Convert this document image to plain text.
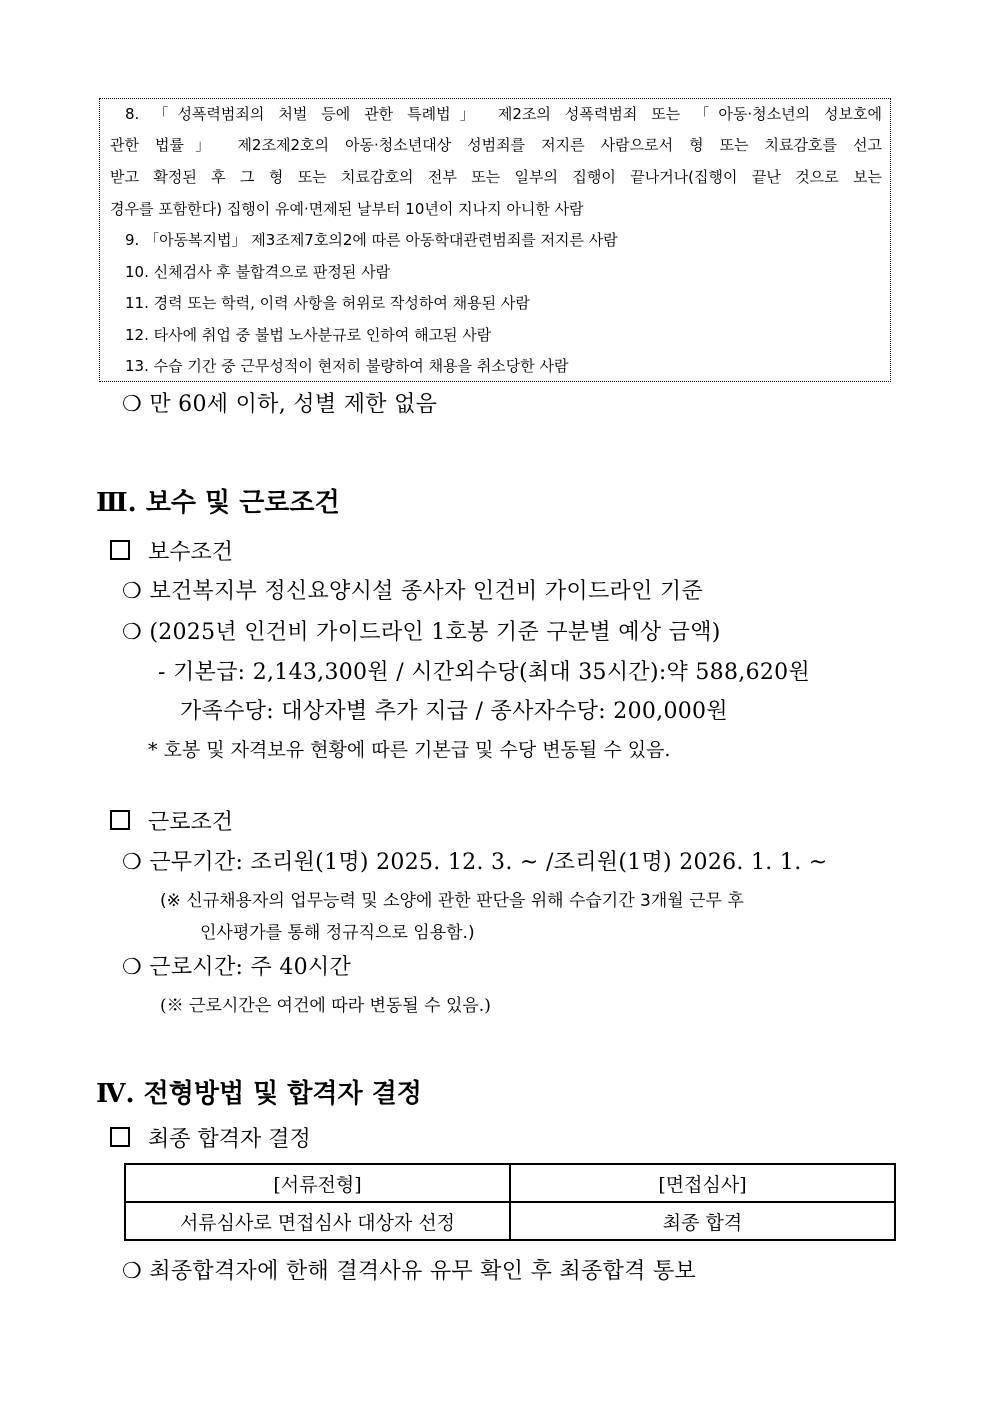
8. 「성폭력범죄의 처벌 등에 관한 특례법」 제2조의 성폭력범죄 또는 「아동·청소년의 성보호에
관한 법률」 제2조제2호의 아동·청소년대상 성범죄를 저지른 사람으로서 형 또는 치료감호를 선고
받고 확정된 후 그 형 또는 치료감호의 전부 또는 일부의 집행이 끝나거나(집행이 끝난 것으로 보는
경우를 포함한다) 집행이 유예·면제된 날부터 10년이 지나지 아니한 사람
9. 「아동복지법」 제3조제7호의2에 따른 아동학대관련범죄를 저지른 사람
10. 신체검사 후 불합격으로 판정된 사람
11. 경력 또는 학력, 이력 사항을 허위로 작성하여 채용된 사람
12. 타사에 취업 중 불법 노사분규로 인하여 해고된 사람
13. 수습 기간 중 근무성적이 현저히 불량하여 채용을 취소당한 사람
❍ 만 60세 이하, 성별 제한 없음
Ⅲ. 보수 및 근로조건
보수조건
❍ 보건복지부 정신요양시설 종사자 인건비 가이드라인 기준
❍ (2025년 인건비 가이드라인 1호봉 기준 구분별 예상 금액)
- 기본급: 2,143,300원 / 시간외수당(최대 35시간):약 588,620원
가족수당: 대상자별 추가 지급 / 종사자수당: 200,000원
* 호봉 및 자격보유 현황에 따른 기본급 및 수당 변동될 수 있음.
근로조건
❍ 근무기간: 조리원(1명) 2025. 12. 3. ~ /조리원(1명) 2026. 1. 1. ~
(※ 신규채용자의 업무능력 및 소양에 관한 판단을 위해 수습기간 3개월 근무 후
인사평가를 통해 정규직으로 임용함.)
❍ 근로시간: 주 40시간
(※ 근로시간은 여건에 따라 변동될 수 있음.)
Ⅳ. 전형방법 및 합격자 결정
최종 합격자 결정
[서류전형]	[면접심사]
서류심사로 면접심사 대상자 선정	최종 합격
❍ 최종합격자에 한해 결격사유 유무 확인 후 최종합격 통보
